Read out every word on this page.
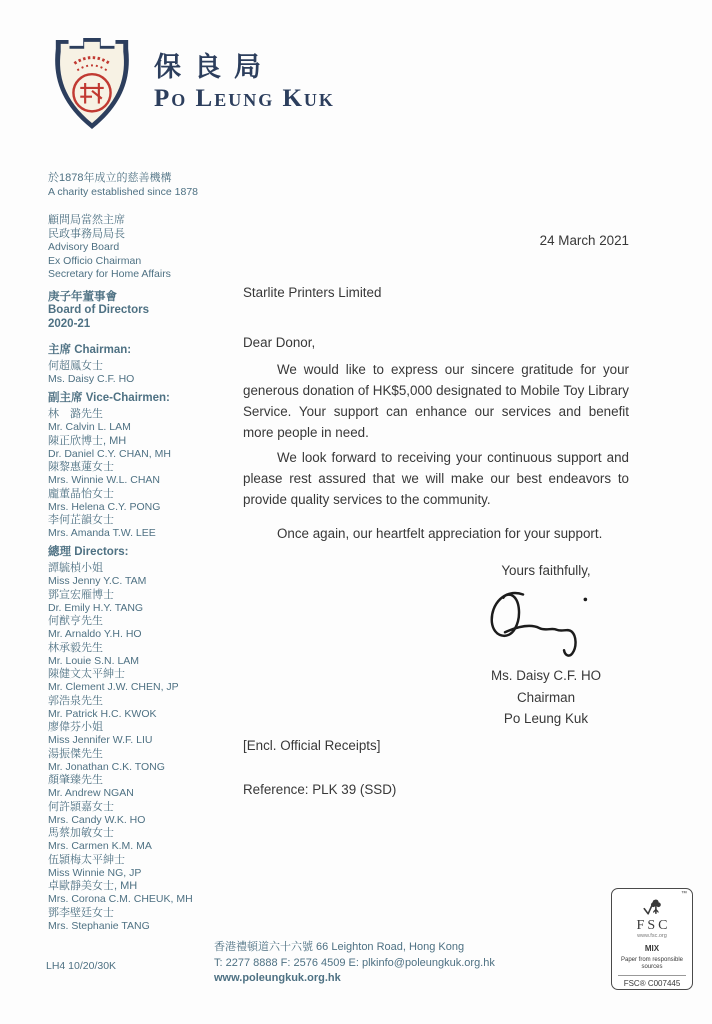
保良局
Po Leung Kuk
於1878年成立的慈善機構
A charity established since 1878
顧問局當然主席
民政事務局局長
Advisory Board
Ex Officio Chairman
Secretary for Home Affairs
庚子年董事會
Board of Directors
2020-21
主席 Chairman:
何超鳳女士
Ms. Daisy C.F. HO
副主席 Vice-Chairmen:
林　潞先生
Mr. Calvin L. LAM
陳正欣博士, MH
Dr. Daniel C.Y. CHAN, MH
陳黎惠蓮女士
Mrs. Winnie W.L. CHAN
龐董晶怡女士
Mrs. Helena C.Y. PONG
李何芷韻女士
Mrs. Amanda T.W. LEE
總理 Directors:
譚毓楨小姐
Miss Jenny Y.C. TAM
鄧宣宏雁博士
Dr. Emily H.Y. TANG
何猷亨先生
Mr. Arnaldo Y.H. HO
林承毅先生
Mr. Louie S.N. LAM
陳健文太平紳士
Mr. Clement J.W. CHEN, JP
郭浩泉先生
Mr. Patrick H.C. KWOK
廖偉芬小姐
Miss Jennifer W.F. LIU
湯振傑先生
Mr. Jonathan C.K. TONG
顏肇臻先生
Mr. Andrew NGAN
何許頴嘉女士
Mrs. Candy W.K. HO
馬蔡加敏女士
Mrs. Carmen K.M. MA
伍頴梅太平紳士
Miss Winnie NG, JP
卓歐靜美女士, MH
Mrs. Corona C.M. CHEUK, MH
鄧李壁廷女士
Mrs. Stephanie TANG
LH4 10/20/30K
24 March 2021
Starlite Printers Limited
Dear Donor,

We would like to express our sincere gratitude for your generous donation of HK$5,000 designated to Mobile Toy Library Service. Your support can enhance our services and benefit more people in need.

We look forward to receiving your continuous support and please rest assured that we will make our best endeavors to provide quality services to the community.

Once again, our heartfelt appreciation for your support.

Yours faithfully,
Ms. Daisy C.F. HO
Chairman
Po Leung Kuk
[Encl. Official Receipts]
Reference: PLK 39 (SSD)
香港禮頓道六十六號 66 Leighton Road, Hong Kong
T: 2277 8888 F: 2576 4509 E: plkinfo@poleungkuk.org.hk
www.poleungkuk.org.hk
™
FSC
www.fsc.org
MIX
Paper from responsible sources
FSC® C007445
